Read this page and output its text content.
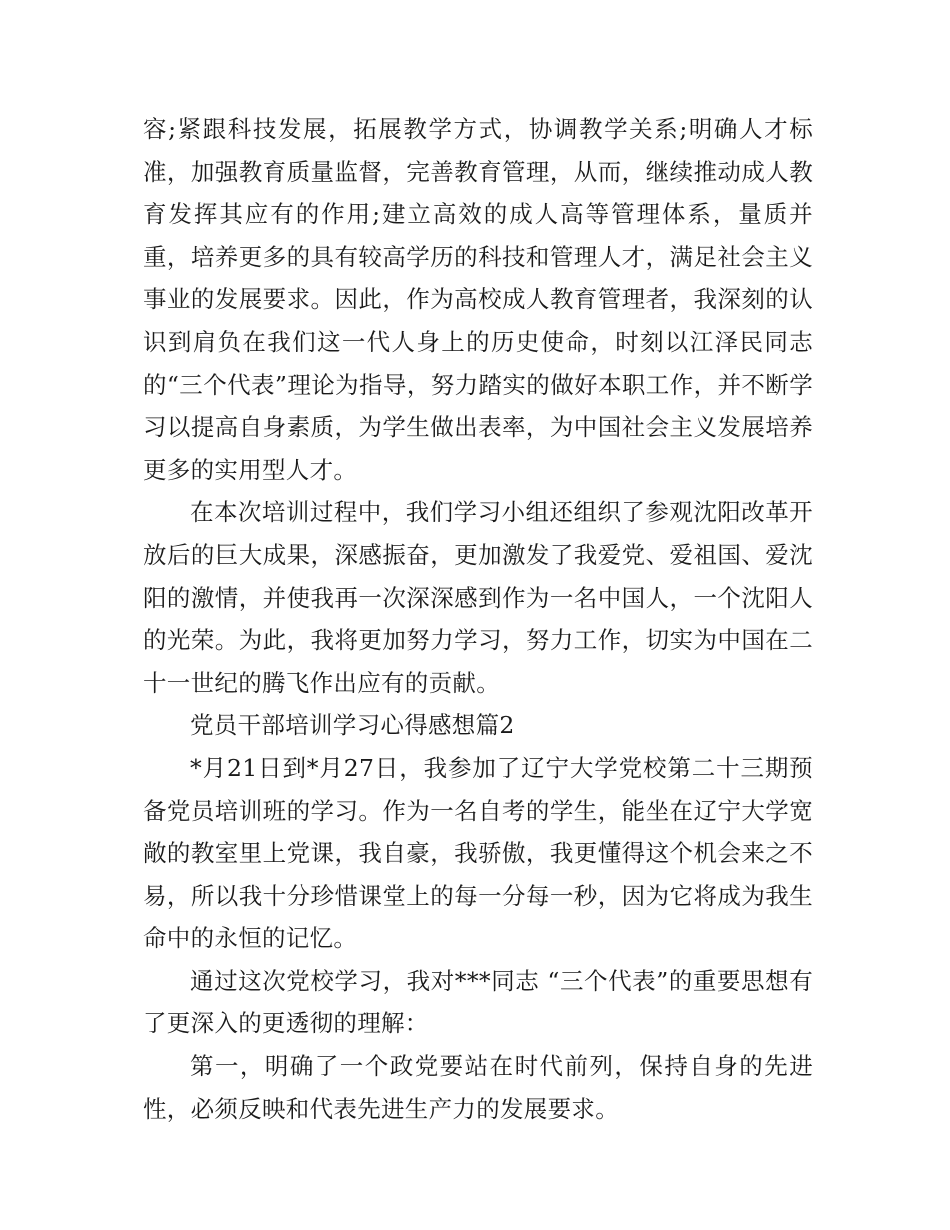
容;紧跟科技发展，拓展教学方式，协调教学关系;明确人才标准，加强教育质量监督，完善教育管理，从而，继续推动成人教育发挥其应有的作用;建立高效的成人高等管理体系，量质并重，培养更多的具有较高学历的科技和管理人才，满足社会主义事业的发展要求。因此，作为高校成人教育管理者，我深刻的认识到肩负在我们这一代人身上的历史使命，时刻以江泽民同志的“三个代表”理论为指导，努力踏实的做好本职工作，并不断学习以提高自身素质，为学生做出表率，为中国社会主义发展培养更多的实用型人才。

在本次培训过程中，我们学习小组还组织了参观沈阳改革开放后的巨大成果，深感振奋，更加激发了我爱党、爱祖国、爱沈阳的激情，并使我再一次深深感到作为一名中国人，一个沈阳人的光荣。为此，我将更加努力学习，努力工作，切实为中国在二十一世纪的腾飞作出应有的贡献。

党员干部培训学习心得感想篇2

*月21日到*月27日，我参加了辽宁大学党校第二十三期预备党员培训班的学习。作为一名自考的学生，能坐在辽宁大学宽敞的教室里上党课，我自豪，我骄傲，我更懂得这个机会来之不易，所以我十分珍惜课堂上的每一分每一秒，因为它将成为我生命中的永恒的记忆。

通过这次党校学习，我对***同志 “三个代表”的重要思想有了更深入的更透彻的理解：

第一，明确了一个政党要站在时代前列，保持自身的先进性，必须反映和代表先进生产力的发展要求。
